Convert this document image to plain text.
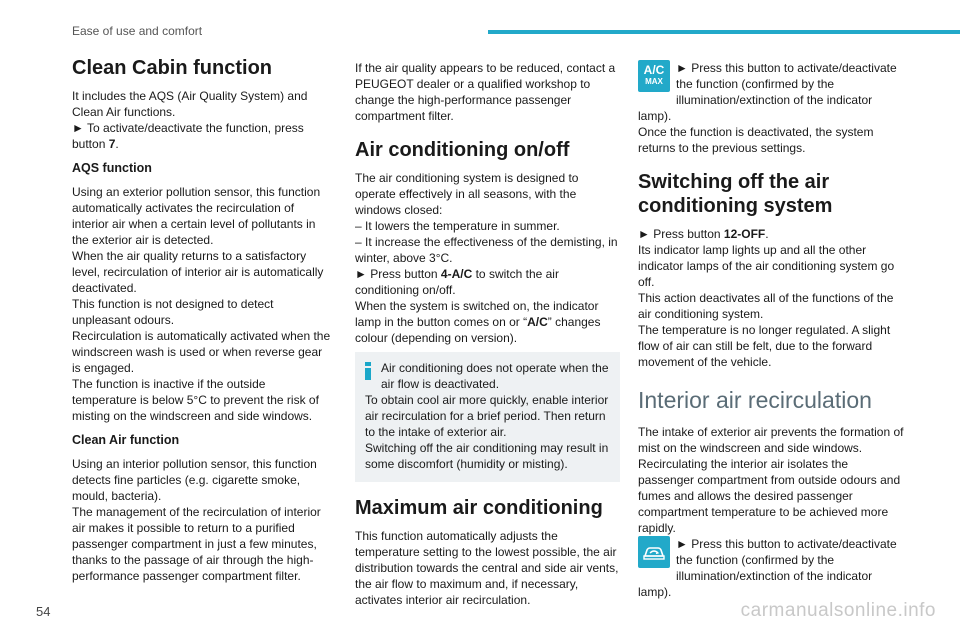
Ease of use and comfort
Clean Cabin function

It includes the AQS (Air Quality System) and Clean Air functions.

► To activate/deactivate the function, press button 7.

AQS function

Using an exterior pollution sensor, this function automatically activates the recirculation of interior air when a certain level of pollutants in the exterior air is detected.

When the air quality returns to a satisfactory level, recirculation of interior air is automatically deactivated.

This function is not designed to detect unpleasant odours.

Recirculation is automatically activated when the windscreen wash is used or when reverse gear is engaged.

The function is inactive if the outside temperature is below 5°C to prevent the risk of misting on the windscreen and side windows.

Clean Air function

Using an interior pollution sensor, this function detects fine particles (e.g. cigarette smoke, mould, bacteria).

The management of the recirculation of interior air makes it possible to return to a purified passenger compartment in just a few minutes, thanks to the passage of air through the high-performance passenger compartment filter.

If the air quality appears to be reduced, contact a PEUGEOT dealer or a qualified workshop to change the high-performance passenger compartment filter.

Air conditioning on/off

The air conditioning system is designed to operate effectively in all seasons, with the windows closed:

– It lowers the temperature in summer.

– It increase the effectiveness of the demisting, in winter, above 3°C.

► Press button 4-A/C to switch the air conditioning on/off.

When the system is switched on, the indicator lamp in the button comes on or “A/C” changes colour (depending on version).

Air conditioning does not operate when the air flow is deactivated.

To obtain cool air more quickly, enable interior air recirculation for a brief period. Then return to the intake of exterior air.

Switching off the air conditioning may result in some discomfort (humidity or misting).

Maximum air conditioning

This function automatically adjusts the temperature setting to the lowest possible, the air distribution towards the central and side air vents, the air flow to maximum and, if necessary, activates interior air recirculation.

A/C
MAX

► Press this button to activate/deactivate the function (confirmed by the illumination/extinction of the indicator lamp).

Once the function is deactivated, the system returns to the previous settings.

Switching off the air conditioning system

► Press button 12-OFF.

Its indicator lamp lights up and all the other indicator lamps of the air conditioning system go off.

This action deactivates all of the functions of the air conditioning system.

The temperature is no longer regulated. A slight flow of air can still be felt, due to the forward movement of the vehicle.

Interior air recirculation

The intake of exterior air prevents the formation of mist on the windscreen and side windows.

Recirculating the interior air isolates the passenger compartment from outside odours and fumes and allows the desired passenger compartment temperature to be achieved more rapidly.

► Press this button to activate/deactivate the function (confirmed by the illumination/extinction of the indicator lamp).

54	carmanualsonline.info
